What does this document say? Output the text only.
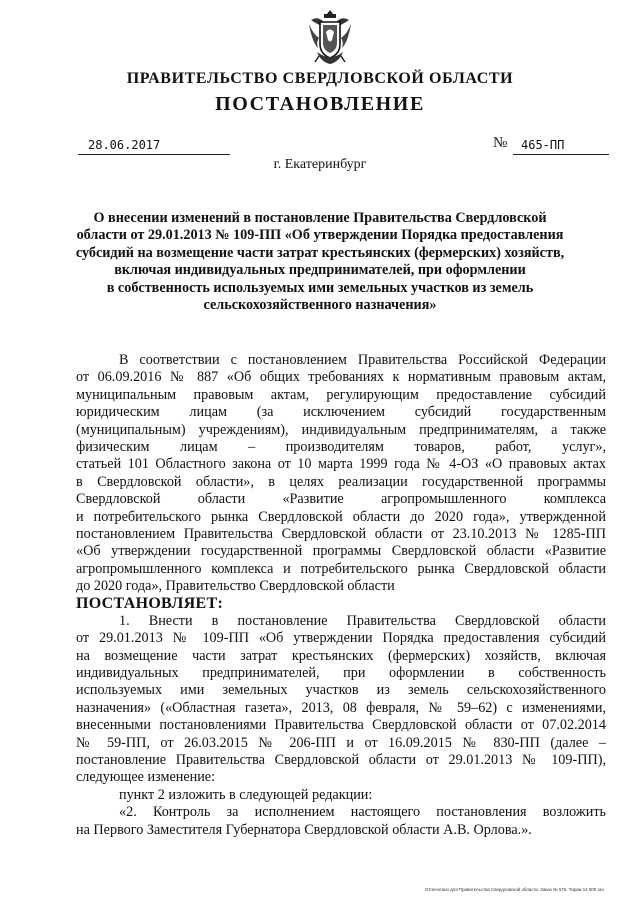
ПРАВИТЕЛЬСТВО СВЕРДЛОВСКОЙ ОБЛАСТИ
ПОСТАНОВЛЕНИЕ
28.06.2017	№	465-ПП
г. Екатеринбург
О внесении изменений в постановление Правительства Свердловской
области от 29.01.2013 № 109-ПП «Об утверждении Порядка предоставления
субсидий на возмещение части затрат крестьянских (фермерских) хозяйств,
включая индивидуальных предпринимателей, при оформлении
в собственность используемых ими земельных участков из земель
сельскохозяйственного назначения»
В соответствии с постановлением Правительства Российской Федерации
от 06.09.2016 № 887 «Об общих требованиях к нормативным правовым актам,
муниципальным правовым актам, регулирующим предоставление субсидий
юридическим лицам (за исключением субсидий государственным
(муниципальным) учреждениям), индивидуальным предпринимателям, а также
физическим лицам – производителям товаров, работ, услуг»,
статьей 101 Областного закона от 10 марта 1999 года № 4-ОЗ «О правовых актах
в Свердловской области», в целях реализации государственной программы
Свердловской области «Развитие агропромышленного комплекса
и потребительского рынка Свердловской области до 2020 года», утвержденной
постановлением Правительства Свердловской области от 23.10.2013 № 1285-ПП
«Об утверждении государственной программы Свердловской области «Развитие
агропромышленного комплекса и потребительского рынка Свердловской области
до 2020 года», Правительство Свердловской области
ПОСТАНОВЛЯЕТ:
1. Внести в постановление Правительства Свердловской области
от 29.01.2013 № 109-ПП «Об утверждении Порядка предоставления субсидий
на возмещение части затрат крестьянских (фермерских) хозяйств, включая
индивидуальных предпринимателей, при оформлении в собственность
используемых ими земельных участков из земель сельскохозяйственного
назначения» («Областная газета», 2013, 08 февраля, № 59–62) с изменениями,
внесенными постановлениями Правительства Свердловской области от 07.02.2014
№ 59-ПП, от 26.03.2015 № 206-ПП и от 16.09.2015 № 830-ПП (далее –
постановление Правительства Свердловской области от 29.01.2013 № 109-ПП),
следующее изменение:
пункт 2 изложить в следующей редакции:
«2. Контроль за исполнением настоящего постановления возложить
на Первого Заместителя Губернатора Свердловской области А.В. Орлова.».
Отпечатано для Правительства Свердловской области. Заказ № 575. Тираж 14 000 экз.
